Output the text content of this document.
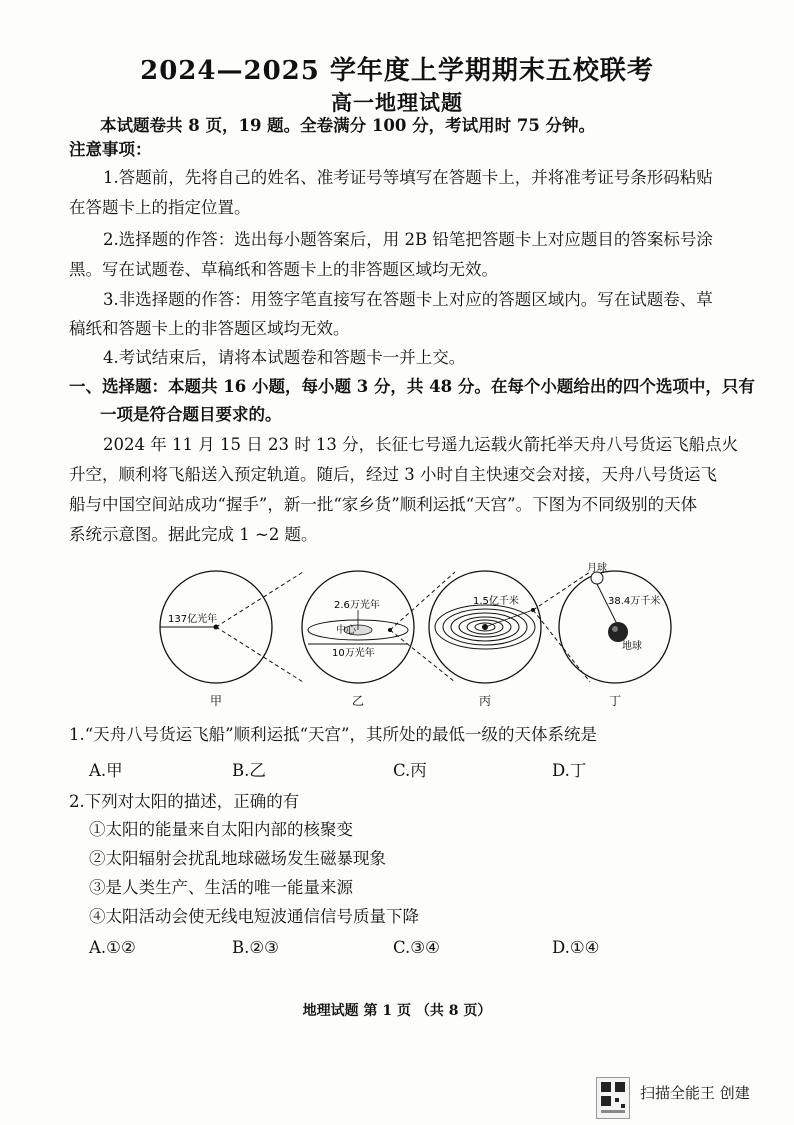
2024—2025 学年度上学期期末五校联考
高一地理试题
本试题卷共 8 页，19 题。全卷满分 100 分，考试用时 75 分钟。
注意事项：
1.答题前，先将自己的姓名、准考证号等填写在答题卡上，并将准考证号条形码粘贴
在答题卡上的指定位置。
2.选择题的作答：选出每小题答案后，用 2B 铅笔把答题卡上对应题目的答案标号涂
黑。写在试题卷、草稿纸和答题卡上的非答题区域均无效。
3.非选择题的作答：用签字笔直接写在答题卡上对应的答题区域内。写在试题卷、草
稿纸和答题卡上的非答题区域均无效。
4.考试结束后，请将本试题卷和答题卡一并上交。
一、选择题：本题共 16 小题，每小题 3 分，共 48 分。在每个小题给出的四个选项中，只有
一项是符合题目要求的。
2024 年 11 月 15 日 23 时 13 分，长征七号遥九运载火箭托举天舟八号货运飞船点火
升空，顺利将飞船送入预定轨道。随后，经过 3 小时自主快速交会对接，天舟八号货运飞
船与中国空间站成功“握手”，新一批“家乡货”顺利运抵“天宫”。下图为不同级别的天体
系统示意图。据此完成 1 ~2 题。
137亿光年
2.6万光年
中心
10万光年
1.5亿千米
月球
38.4万千米
地球
甲	乙	丙	丁
1.“天舟八号货运飞船”顺利运抵“天宫”，其所处的最低一级的天体系统是
A.甲	B.乙	C.丙	D.丁
2.下列对太阳的描述，正确的有
①太阳的能量来自太阳内部的核聚变
②太阳辐射会扰乱地球磁场发生磁暴现象
③是人类生产、生活的唯一能量来源
④太阳活动会使无线电短波通信信号质量下降
A.①②	B.②③	C.③④	D.①④
地理试题 第 1 页 （共 8 页）
扫描全能王 创建
